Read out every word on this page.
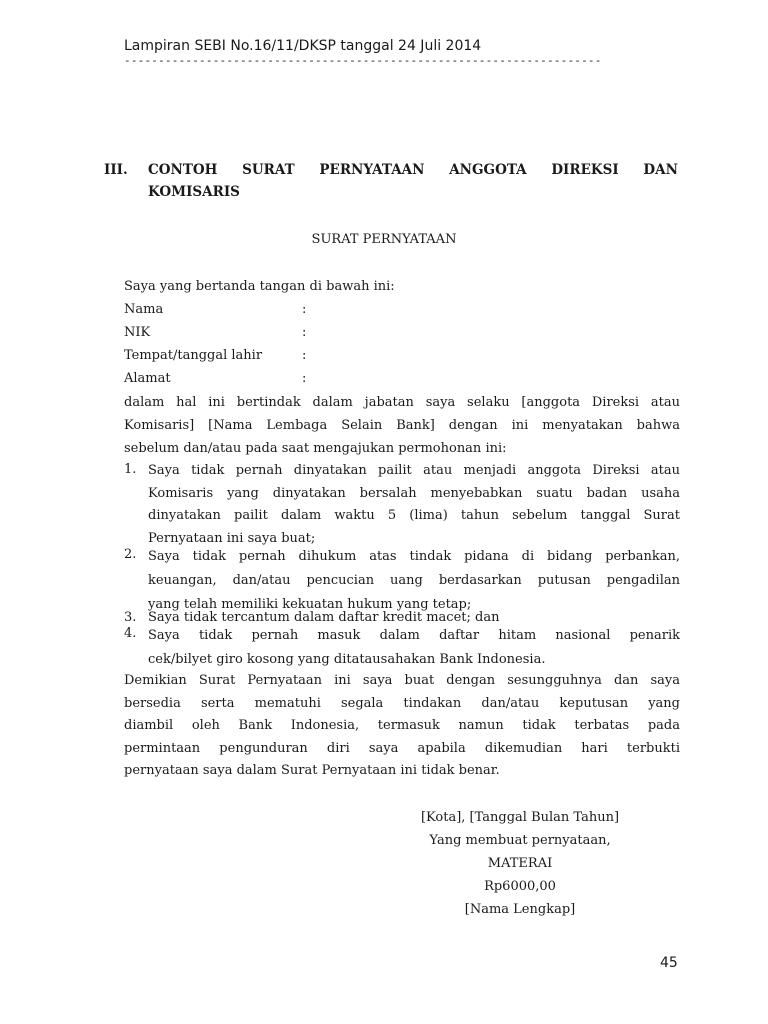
Lampiran SEBI No.16/11/DKSP tanggal 24 Juli 2014
----------------------------------------------------------------------
III. CONTOH SURAT PERNYATAAN ANGGOTA DIREKSI DAN
KOMISARIS
SURAT PERNYATAAN
Saya yang bertanda tangan di bawah ini:
Nama	:
NIK	:
Tempat/tanggal lahir	:
Alamat	:
dalam hal ini bertindak dalam jabatan saya selaku [anggota Direksi atau
Komisaris] [Nama Lembaga Selain Bank] dengan ini menyatakan bahwa
sebelum dan/atau pada saat mengajukan permohonan ini:
1. Saya tidak pernah dinyatakan pailit atau menjadi anggota Direksi atau
Komisaris yang dinyatakan bersalah menyebabkan suatu badan usaha
dinyatakan pailit dalam waktu 5 (lima) tahun sebelum tanggal Surat
Pernyataan ini saya buat;
2. Saya tidak pernah dihukum atas tindak pidana di bidang perbankan,
keuangan, dan/atau pencucian uang berdasarkan putusan pengadilan
yang telah memiliki kekuatan hukum yang tetap;
3. Saya tidak tercantum dalam daftar kredit macet; dan
4. Saya tidak pernah masuk dalam daftar hitam nasional penarik
cek/bilyet giro kosong yang ditatausahakan Bank Indonesia.
Demikian Surat Pernyataan ini saya buat dengan sesungguhnya dan saya
bersedia serta mematuhi segala tindakan dan/atau keputusan yang
diambil oleh Bank Indonesia, termasuk namun tidak terbatas pada
permintaan pengunduran diri saya apabila dikemudian hari terbukti
pernyataan saya dalam Surat Pernyataan ini tidak benar.
[Kota], [Tanggal Bulan Tahun]
Yang membuat pernyataan,
MATERAI
Rp6000,00
[Nama Lengkap]
45
